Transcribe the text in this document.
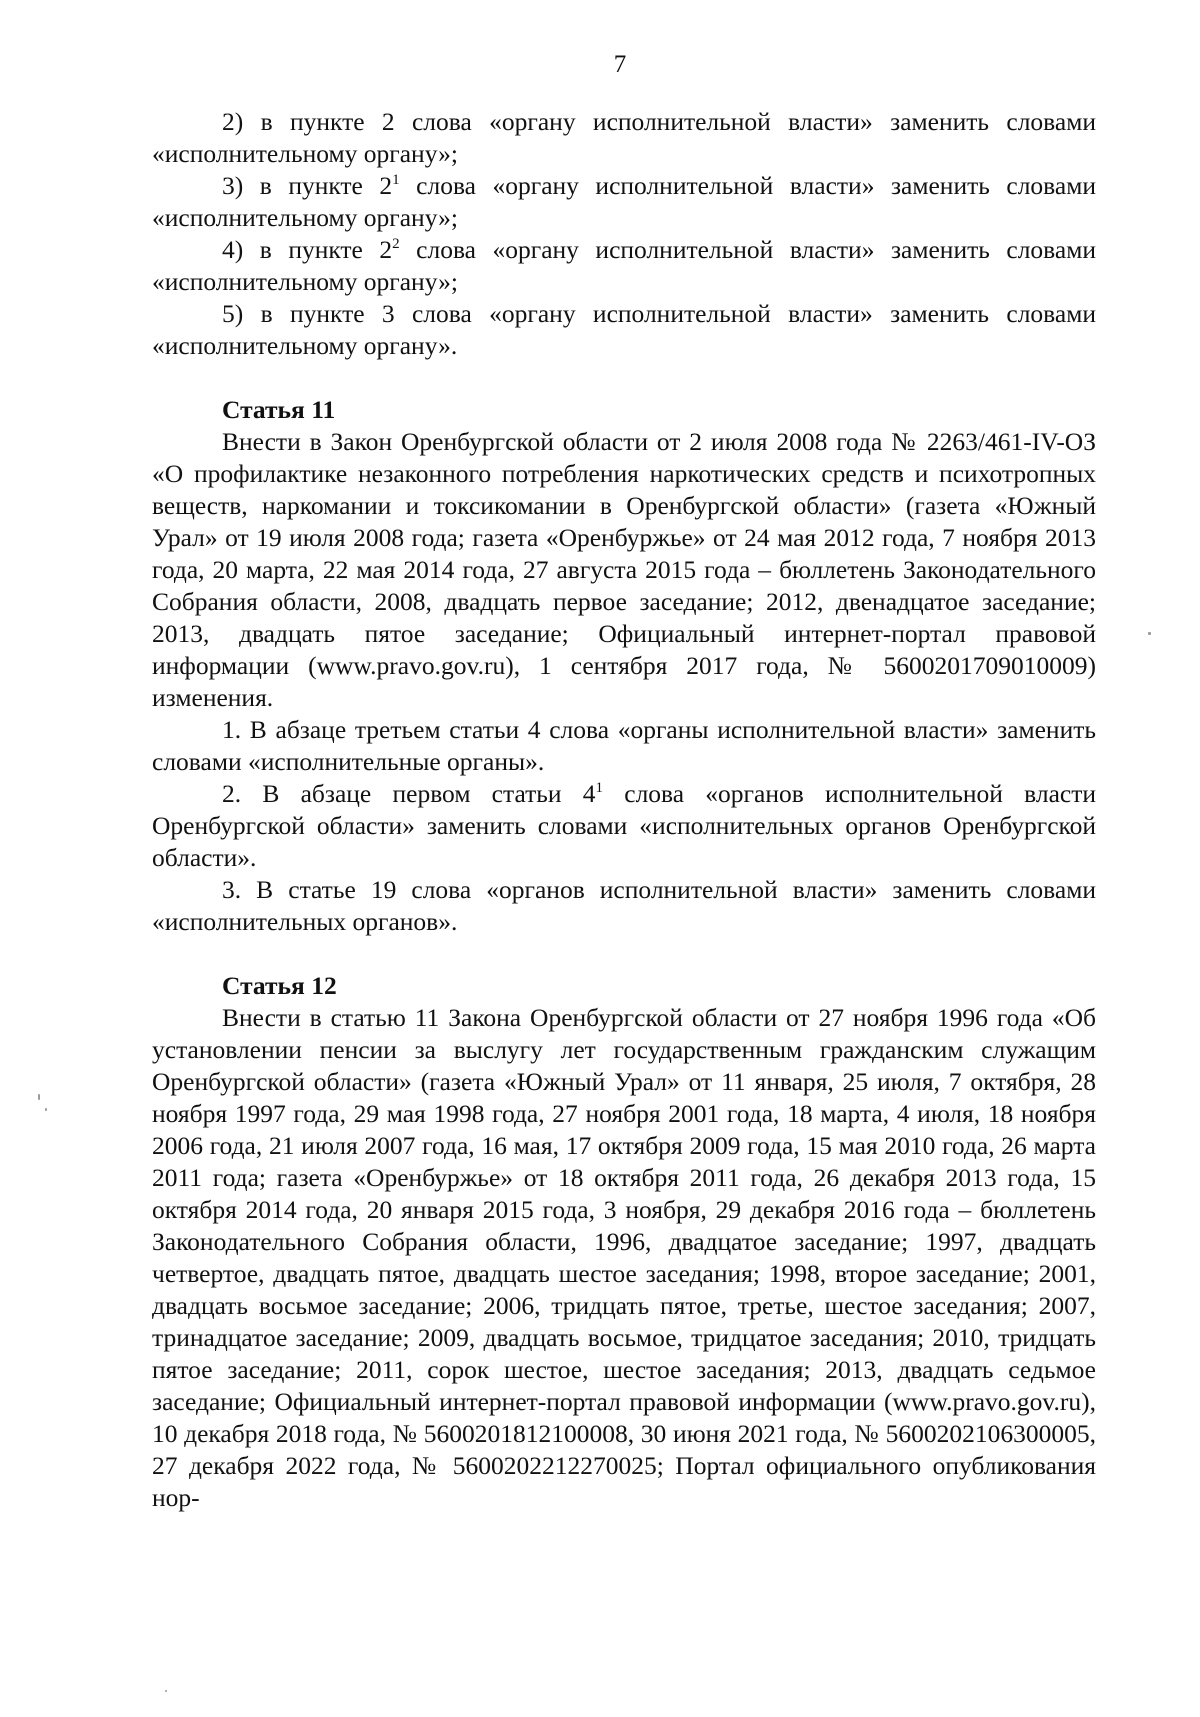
7

2) в пункте 2 слова «органу исполнительной власти» заменить словами «исполнительному органу»;

3) в пункте $2^1$ слова «органу исполнительной власти» заменить словами «исполнительному органу»;

4) в пункте $2^2$ слова «органу исполнительной власти» заменить словами «исполнительному органу»;

5) в пункте 3 слова «органу исполнительной власти» заменить словами «исполнительному органу».

Статья 11

Внести в Закон Оренбургской области от 2 июля 2008 года № 2263/461-IV-ОЗ «О профилактике незаконного потребления наркотических средств и психотропных веществ, наркомании и токсикомании в Оренбургской области» (газета «Южный Урал» от 19 июля 2008 года; газета «Оренбуржье» от 24 мая 2012 года, 7 ноября 2013 года, 20 марта, 22 мая 2014 года, 27 августа 2015 года – бюллетень Законодательного Собрания области, 2008, двадцать первое заседание; 2012, двенадцатое заседание; 2013, двадцать пятое заседание; Официальный интернет-портал правовой информации (www.pravo.gov.ru), 1 сентября 2017 года, № 5600201709010009) изменения.

1. В абзаце третьем статьи 4 слова «органы исполнительной власти» заменить словами «исполнительные органы».

2. В абзаце первом статьи $4^1$ слова «органов исполнительной власти Оренбургской области» заменить словами «исполнительных органов Оренбургской области».

3. В статье 19 слова «органов исполнительной власти» заменить словами «исполнительных органов».

Статья 12

Внести в статью 11 Закона Оренбургской области от 27 ноября 1996 года «Об установлении пенсии за выслугу лет государственным гражданским служащим Оренбургской области» (газета «Южный Урал» от 11 января, 25 июля, 7 октября, 28 ноября 1997 года, 29 мая 1998 года, 27 ноября 2001 года, 18 марта, 4 июля, 18 ноября 2006 года, 21 июля 2007 года, 16 мая, 17 октября 2009 года, 15 мая 2010 года, 26 марта 2011 года; газета «Оренбуржье» от 18 октября 2011 года, 26 декабря 2013 года, 15 октября 2014 года, 20 января 2015 года, 3 ноября, 29 декабря 2016 года – бюллетень Законодательного Собрания области, 1996, двадцатое заседание; 1997, двадцать четвертое, двадцать пятое, двадцать шестое заседания; 1998, второе заседание; 2001, двадцать восьмое заседание; 2006, тридцать пятое, третье, шестое заседания; 2007, тринадцатое заседание; 2009, двадцать восьмое, тридцатое заседания; 2010, тридцать пятое заседание; 2011, сорок шестое, шестое заседания; 2013, двадцать седьмое заседание; Официальный интернет-портал правовой информации (www.pravo.gov.ru), 10 декабря 2018 года, № 5600201812100008, 30 июня 2021 года, № 5600202106300005, 27 декабря 2022 года, № 5600202212270025; Портал официального опубликования нор-
